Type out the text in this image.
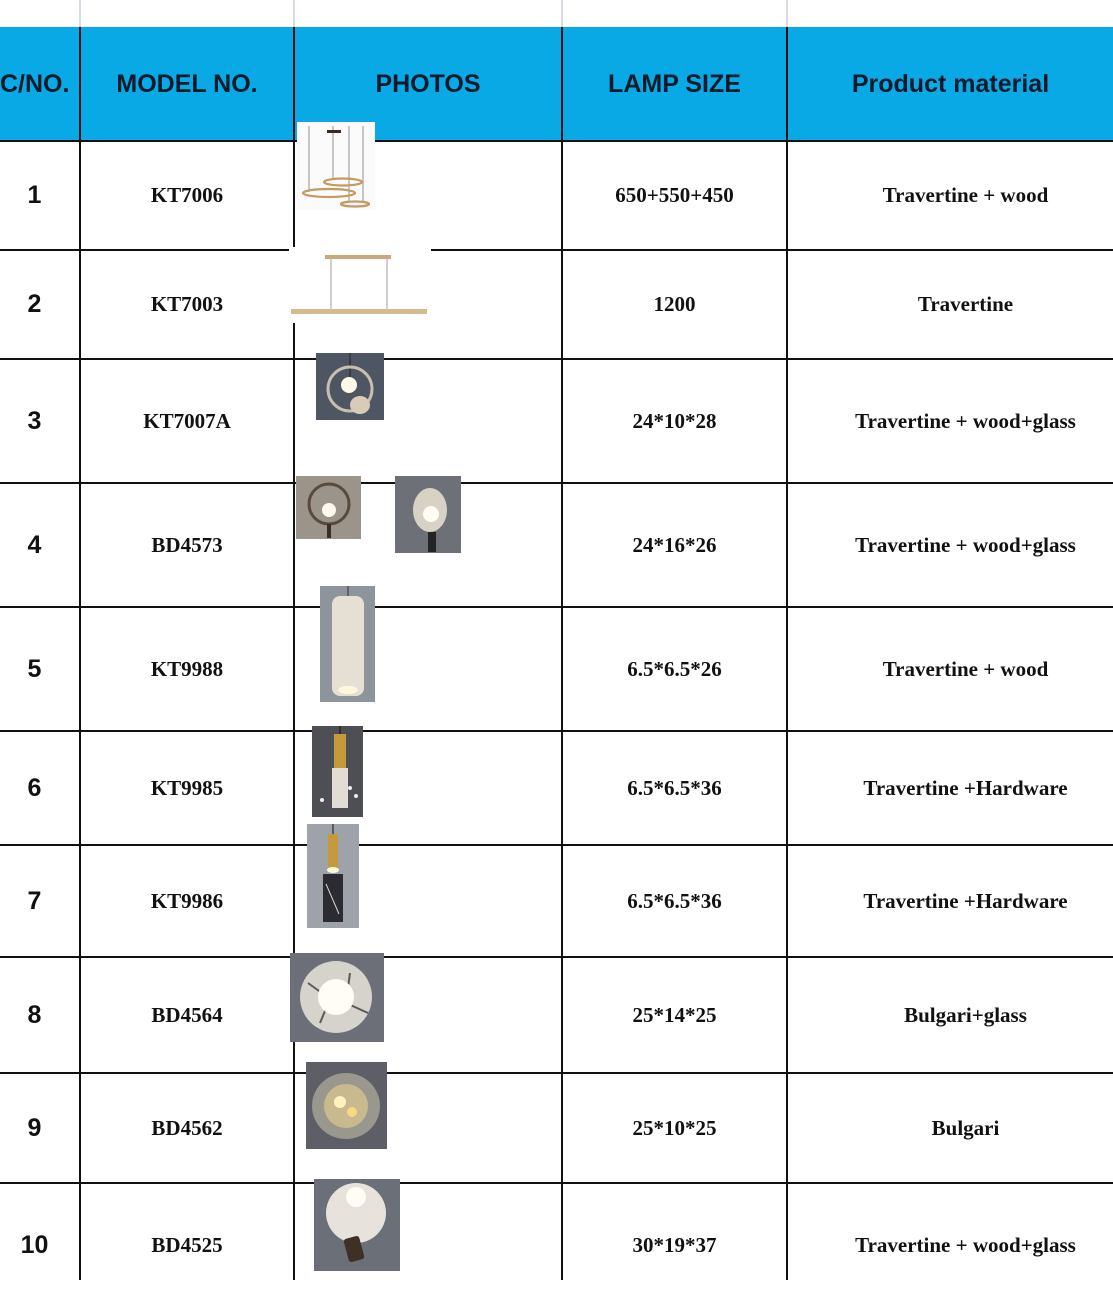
C/NO.	MODEL NO.	PHOTOS	LAMP SIZE	Product material
1	KT7006	650+550+450	Travertine + wood
2	KT7003	1200	Travertine
3	KT7007A	24*10*28	Travertine + wood+glass
4	BD4573	24*16*26	Travertine + wood+glass
5	KT9988	6.5*6.5*26	Travertine + wood
6	KT9985	6.5*6.5*36	Travertine +Hardware
7	KT9986	6.5*6.5*36	Travertine +Hardware
8	BD4564	25*14*25	Bulgari+glass
9	BD4562	25*10*25	Bulgari
10	BD4525	30*19*37	Travertine + wood+glass
